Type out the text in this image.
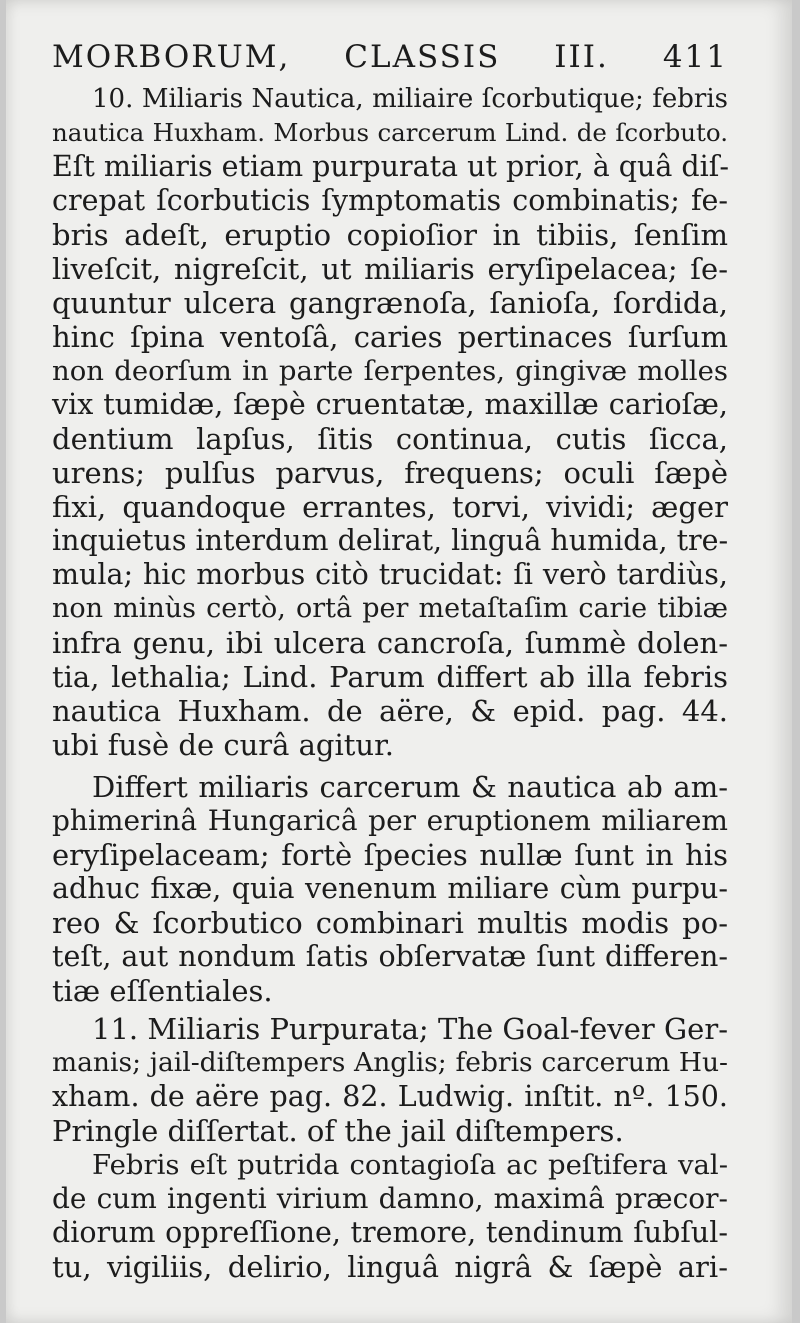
MORBORUM, CLASSIS III. 411

10. Miliaris Nautica, miliaire ſcorbutique; febris

nautica Huxham. Morbus carcerum Lind. de ſcorbuto.

Eſt miliaris etiam purpurata ut prior, à quâ diſ-

crepat ſcorbuticis ſymptomatis combinatis; fe-

bris adeſt, eruptio copioſior in tibiis, ſenſim

liveſcit, nigreſcit, ut miliaris eryſipelacea; ſe-

quuntur ulcera gangrænoſa, ſanioſa, ſordida,

hinc ſpina ventoſâ, caries pertinaces ſurſum

non deorſum in parte ſerpentes, gingivæ molles

vix tumidæ, ſæpè cruentatæ, maxillæ carioſæ,

dentium lapſus, ſitis continua, cutis ſicca,

urens; pulſus parvus, frequens; oculi ſæpè

fixi, quandoque errantes, torvi, vividi; æger

inquietus interdum delirat, linguâ humida, tre-

mula; hic morbus citò trucidat: ſi verò tardiùs,

non minùs certò, ortâ per metaſtaſim carie tibiæ

infra genu, ibi ulcera cancroſa, ſummè dolen-

tia, lethalia; Lind. Parum differt ab illa febris

nautica Huxham. de aëre, & epid. pag. 44.

ubi fusè de curâ agitur.

Differt miliaris carcerum & nautica ab am-

phimerinâ Hungaricâ per eruptionem miliarem

eryſipelaceam; fortè ſpecies nullæ ſunt in his

adhuc fixæ, quia venenum miliare cùm purpu-

reo & ſcorbutico combinari multis modis po-

teſt, aut nondum ſatis obſervatæ ſunt differen-

tiæ eſſentiales.

11. Miliaris Purpurata; The Goal-fever Ger-

manis; jail-diſtempers Anglis; febris carcerum Hu-

xham. de aëre pag. 82. Ludwig. inſtit. nº. 150.

Pringle diſſertat. of the jail diſtempers.

Febris eſt putrida contagioſa ac peſtifera val-

de cum ingenti virium damno, maximâ præcor-

diorum oppreſſione, tremore, tendinum ſubſul-

tu, vigiliis, delirio, linguâ nigrâ & ſæpè ari-
